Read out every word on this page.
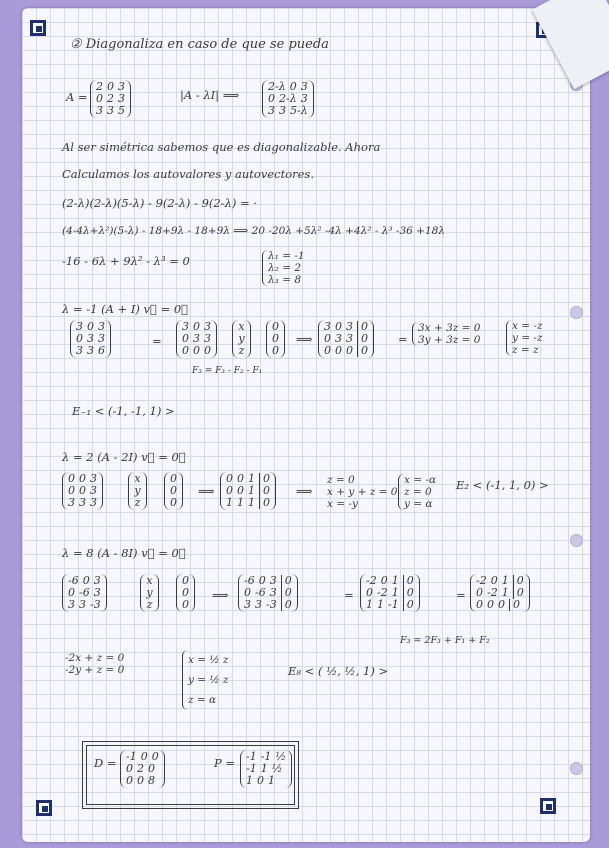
② Diagonaliza en caso de que se pueda
A =
2 0 3
0 2 3
3 3 5
|A - λI| ⟹
2-λ 0 3
0 2-λ 3
3 3 5-λ
Al ser simétrica sabemos que es diagonalizable. Ahora
Calculamos los autovalores y autovectores.
(2-λ)(2-λ)(5-λ) - 9(2-λ) - 9(2-λ) = ·
(4-4λ+λ²)(5-λ) - 18+9λ - 18+9λ ⟹ 20 -20λ +5λ² -4λ +4λ² - λ³ -36 +18λ
-16 - 6λ + 9λ² - λ³ = 0	λ₁ = -1
λ₂ = 2
λ₃ = 8
λ = -1 (A + I) v⃗ = 0⃗
3 0 3
0 3 3
3 3 6
=
3 0 3
0 3 3
0 0 0
x
y
z
0
0
0
F₃ = F₃ - F₂ - F₁
⟹
3 0 3 0
0 3 3 0
0 0 0 0
=
3x + 3z = 0
3y + 3z = 0
x = -z
y = -z
z = z
E₋₁ < (-1, -1, 1) >
λ = 2 (A - 2I) v⃗ = 0⃗
0 0 3
0 0 3
3 3 3
x
y
z
0
0
0
⟹
0 0 1 0
0 0 1 0
1 1 1 0
⟹
z = 0
x + y + z = 0
x = -y
x = -α
z = 0
y = α
E₂ < (-1, 1, 0) >
λ = 8 (A - 8I) v⃗ = 0⃗
-6 0 3
0 -6 3
3 3 -3
x
y
z
0
0
0
⟹
-6 0 3 0
0 -6 3 0
3 3 -3 0
=
-2 0 1 0
0 -2 1 0
1 1 -1 0
=
-2 0 1 0
0 -2 1 0
0 0 0 0
F₃ = 2F₃ + F₁ + F₂
-2x + z = 0
-2y + z = 0
x = ½ z
y = ½ z
z = α
E₈ < ( ½, ½, 1) >
D = -1 0 0
0 2 0
0 0 8
P = -1 -1 ½
-1 1 ½
1 0 1
